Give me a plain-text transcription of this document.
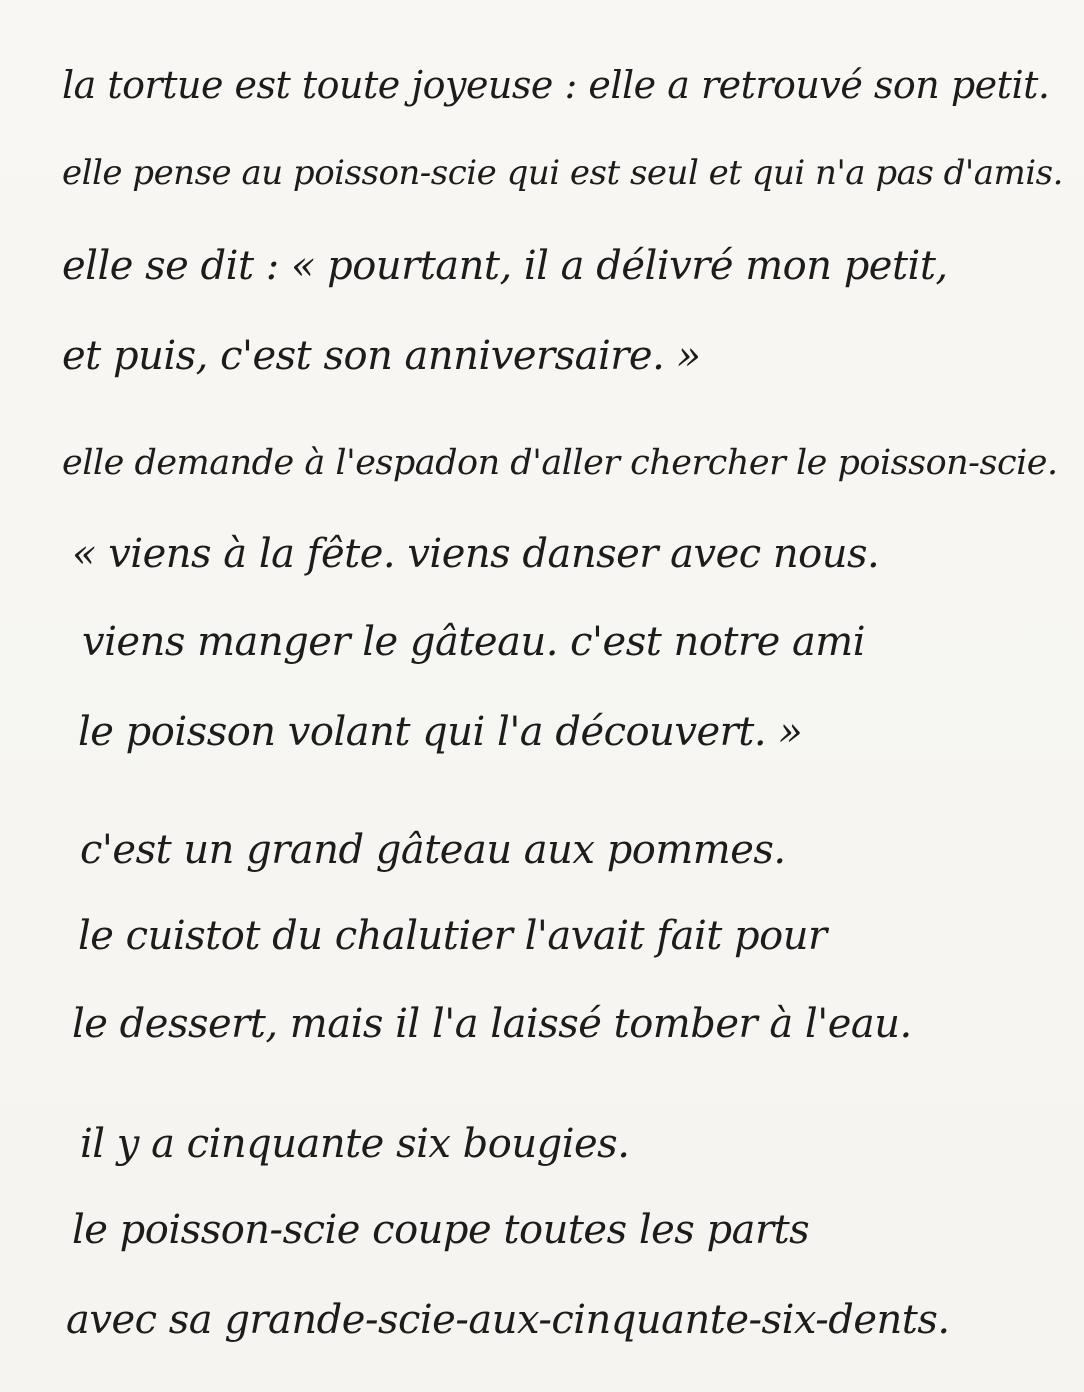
la tortue est toute joyeuse : elle a retrouvé son petit.
elle pense au poisson-scie qui est seul et qui n'a pas d'amis.
elle se dit : « pourtant, il a délivré mon petit,
et puis, c'est son anniversaire. »
elle demande à l'espadon d'aller chercher le poisson-scie.
« viens à la fête. viens danser avec nous.
viens manger le gâteau. c'est notre ami
le poisson volant qui l'a découvert. »
c'est un grand gâteau aux pommes.
le cuistot du chalutier l'avait fait pour
le dessert, mais il l'a laissé tomber à l'eau.
il y a cinquante six bougies.
le poisson-scie coupe toutes les parts
avec sa grande-scie-aux-cinquante-six-dents.
